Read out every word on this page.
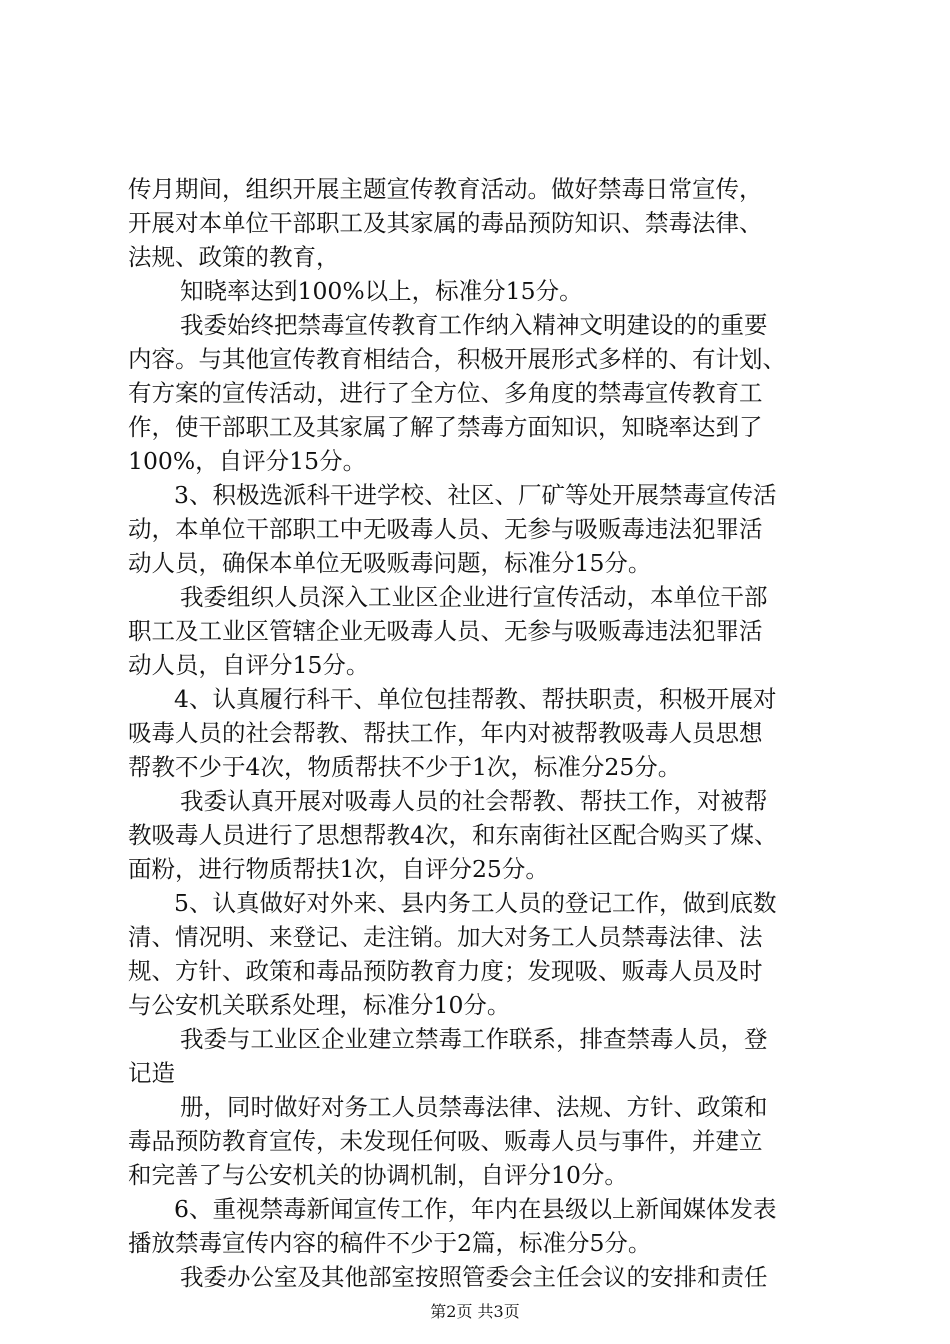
传月期间，组织开展主题宣传教育活动。做好禁毒日常宣传，
开展对本单位干部职工及其家属的毒品预防知识、禁毒法律、
法规、政策的教育，
知晓率达到100%以上，标准分15分。
我委始终把禁毒宣传教育工作纳入精神文明建设的的重要
内容。与其他宣传教育相结合，积极开展形式多样的、有计划、
有方案的宣传活动，进行了全方位、多角度的禁毒宣传教育工
作，使干部职工及其家属了解了禁毒方面知识，知晓率达到了
100%，自评分15分。
3、积极选派科干进学校、社区、厂矿等处开展禁毒宣传活
动，本单位干部职工中无吸毒人员、无参与吸贩毒违法犯罪活
动人员，确保本单位无吸贩毒问题，标准分15分。
我委组织人员深入工业区企业进行宣传活动，本单位干部
职工及工业区管辖企业无吸毒人员、无参与吸贩毒违法犯罪活
动人员，自评分15分。
4、认真履行科干、单位包挂帮教、帮扶职责，积极开展对
吸毒人员的社会帮教、帮扶工作，年内对被帮教吸毒人员思想
帮教不少于4次，物质帮扶不少于1次，标准分25分。
我委认真开展对吸毒人员的社会帮教、帮扶工作，对被帮
教吸毒人员进行了思想帮教4次，和东南街社区配合购买了煤、
面粉，进行物质帮扶1次，自评分25分。
5、认真做好对外来、县内务工人员的登记工作，做到底数
清、情况明、来登记、走注销。加大对务工人员禁毒法律、法
规、方针、政策和毒品预防教育力度；发现吸、贩毒人员及时
与公安机关联系处理，标准分10分。
我委与工业区企业建立禁毒工作联系，排查禁毒人员，登
记造
册，同时做好对务工人员禁毒法律、法规、方针、政策和
毒品预防教育宣传，未发现任何吸、贩毒人员与事件，并建立
和完善了与公安机关的协调机制，自评分10分。
6、重视禁毒新闻宣传工作，年内在县级以上新闻媒体发表
播放禁毒宣传内容的稿件不少于2篇，标准分5分。
我委办公室及其他部室按照管委会主任会议的安排和责任
第2页 共3页
